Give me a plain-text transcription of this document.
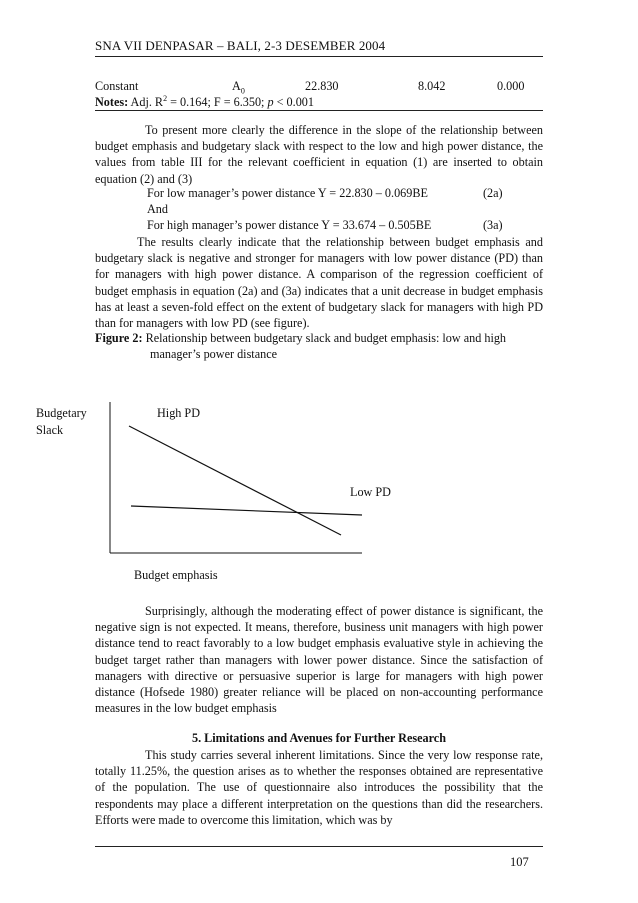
SNA VII DENPASAR – BALI, 2-3 DESEMBER 2004
Constant	$A_0$	22.830	8.042	0.000
Notes: Adj. $R^2 = 0.164$; F = 6.350; p < 0.001

To present more clearly the difference in the slope of the relationship between budget emphasis and budgetary slack with respect to the low and high power distance, the values from table III for the relevant coefficient in equation (1) are inserted to obtain equation (2) and (3)

For low manager’s power distance Y = 22.830 – 0.069BE	(2a)
And
For high manager’s power distance Y = 33.674 – 0.505BE	(3a)

The results clearly indicate that the relationship between budget emphasis and budgetary slack is negative and stronger for managers with low power distance (PD) than for managers with high power distance. A comparison of the regression coefficient of budget emphasis in equation (2a) and (3a) indicates that a unit decrease in budget emphasis has at least a seven-fold effect on the extent of budgetary slack for managers with high PD than for managers with low PD (see figure).

Figure 2: Relationship between budgetary slack and budget emphasis: low and high
manager’s power distance
Budgetary
Slack
High PD
Low PD
Budget emphasis

Surprisingly, although the moderating effect of power distance is significant, the negative sign is not expected. It means, therefore, business unit managers with high power distance tend to react favorably to a low budget emphasis evaluative style in achieving the budget target rather than managers with lower power distance. Since the satisfaction of managers with directive or persuasive superior is large for managers with high power distance (Hofsede 1980) greater reliance will be placed on non-accounting performance measures in the low budget emphasis

5. Limitations and Avenues for Further Research

This study carries several inherent limitations. Since the very low response rate, totally 11.25%, the question arises as to whether the responses obtained are representative of the population. The use of questionnaire also introduces the possibility that the respondents may place a different interpretation on the questions than did the researchers. Efforts were made to overcome this limitation, which was by

107
